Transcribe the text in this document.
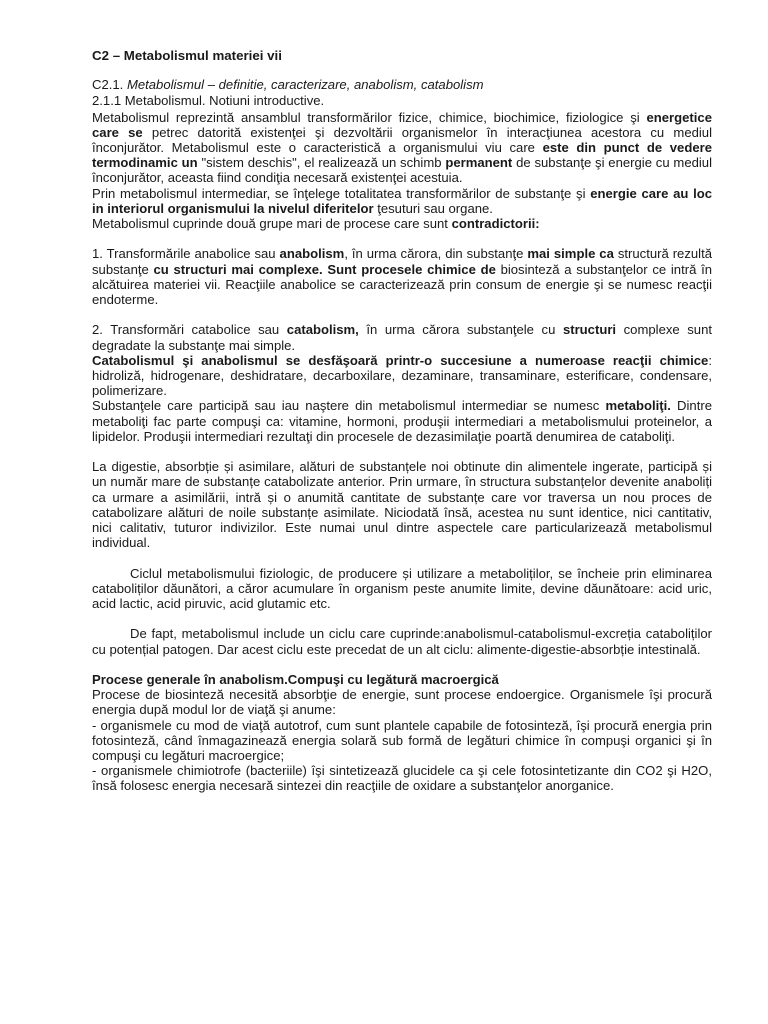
C2 – Metabolismul materiei vii

C2.1. Metabolismul – definitie, caracterizare, anabolism, catabolism

2.1.1 Metabolismul. Notiuni introductive.

Metabolismul reprezintă ansamblul transformărilor fizice, chimice, biochimice, fiziologice şi energetice care se petrec datorită existenţei şi dezvoltării organismelor în interacţiunea acestora cu mediul înconjurător. Metabolismul este o caracteristică a organismului viu care este din punct de vedere termodinamic un "sistem deschis", el realizează un schimb permanent de substanţe şi energie cu mediul înconjurător, aceasta fiind condiţia necesară existenţei acestuia.

Prin metabolismul intermediar, se înţelege totalitatea transformărilor de substanţe şi energie care au loc in interiorul organismului la nivelul diferitelor ţesuturi sau organe.

Metabolismul cuprinde două grupe mari de procese care sunt contradictorii:

1. Transformările anabolice sau anabolism, în urma cărora, din substanţe mai simple ca structură rezultă substanţe cu structuri mai complexe. Sunt procesele chimice de biosinteză a substanţelor ce intră în alcătuirea materiei vii. Reacţiile anabolice se caracterizează prin consum de energie şi se numesc reacţii endoterme.

2. Transformări catabolice sau catabolism, în urma cărora substanţele cu structuri complexe sunt degradate la substanţe mai simple.

Catabolismul şi anabolismul se desfăşoară printr-o succesiune a numeroase reacţii chimice: hidroliză, hidrogenare, deshidratare, decarboxilare, dezaminare, transaminare, esterificare, condensare, polimerizare.

Substanţele care participă sau iau naştere din metabolismul intermediar se numesc metaboliţi. Dintre metaboliţi fac parte compuşi ca: vitamine, hormoni, produşii intermediari a metabolismului proteinelor, a lipidelor. Produşii intermediari rezultaţi din procesele de dezasimilaţie poartă denumirea de cataboliţi.

La digestie, absorbție și asimilare, alături de substanțele noi obtinute din alimentele ingerate, participă și un număr mare de substanțe catabolizate anterior. Prin urmare, în structura substanțelor devenite anaboliți ca urmare a asimilării, intră și o anumită cantitate de substanțe care vor traversa un nou proces de catabolizare alături de noile substanțe asimilate. Niciodată însă, acestea nu sunt identice, nici cantitativ, nici calitativ, tuturor indivizilor. Este numai unul dintre aspectele care particularizează metabolismul individual.

Ciclul metabolismului fiziologic, de producere și utilizare a metaboliților, se încheie prin eliminarea cataboliților dăunători, a căror acumulare în organism peste anumite limite, devine dăunătoare: acid uric, acid lactic, acid piruvic, acid glutamic etc.

De fapt, metabolismul include un ciclu care cuprinde:anabolismul-catabolismul-excreția cataboliților cu potențial patogen. Dar acest ciclu este precedat de un alt ciclu: alimente-digestie-absorbție intestinală.

Procese generale în anabolism.Compuşi cu legătură macroergică

Procese de biosinteză necesită absorbţie de energie, sunt procese endoergice. Organismele îşi procură energia după modul lor de viaţă şi anume:

- organismele cu mod de viaţă autotrof, cum sunt plantele capabile de fotosinteză, îşi procură energia prin fotosinteză, când înmagazinează energia solară sub formă de legături chimice în compuşi organici şi în compuşi cu legături macroergice;

- organismele chimiotrofe (bacteriile) îşi sintetizează glucidele ca şi cele fotosintetizante din CO2 şi H2O, însă folosesc energia necesară sintezei din reacţiile de oxidare a substanţelor anorganice.
